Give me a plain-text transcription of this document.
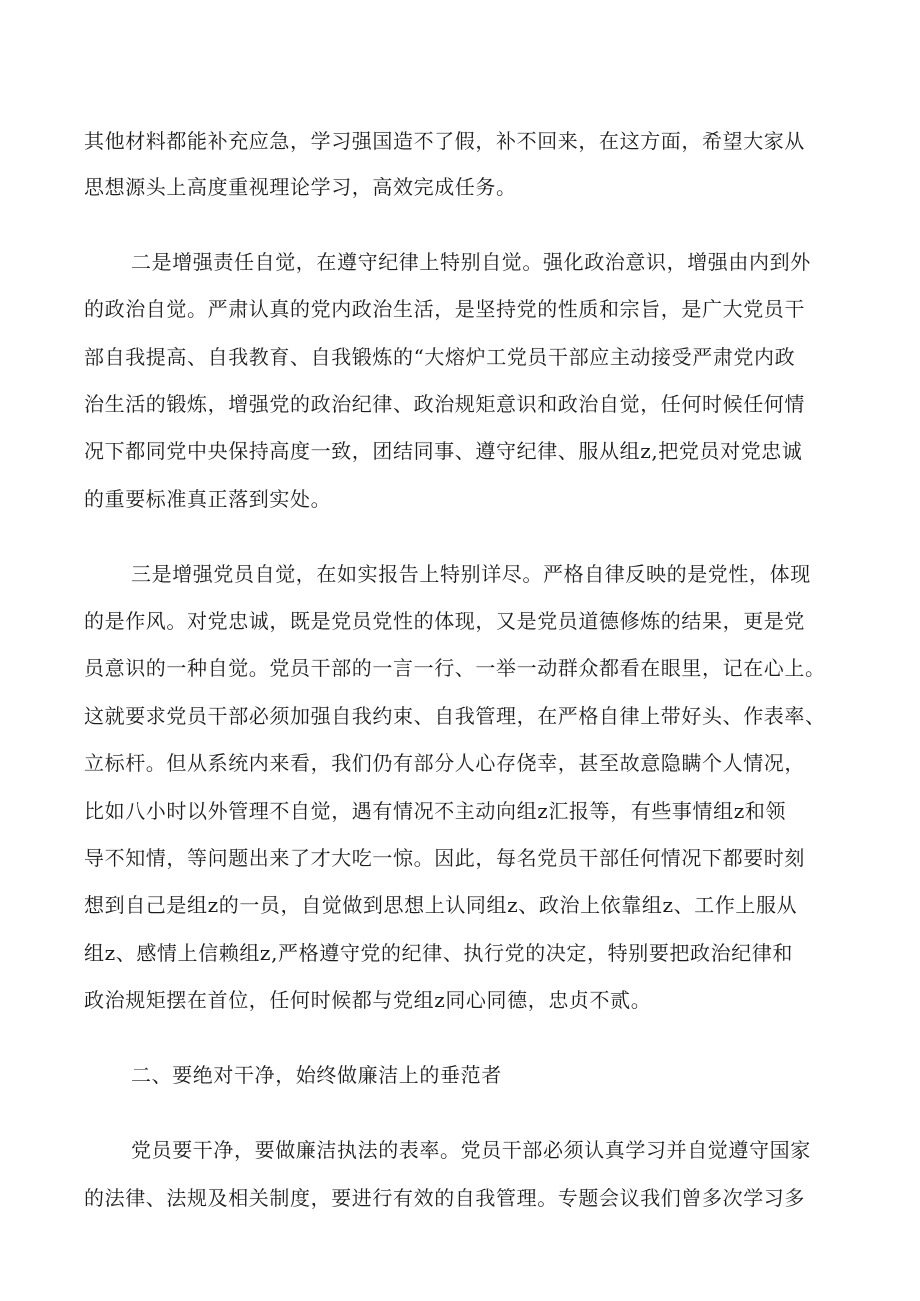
其他材料都能补充应急，学习强国造不了假，补不回来，在这方面，希望大家从
思想源头上高度重视理论学习，高效完成任务。
二是增强责任自觉，在遵守纪律上特别自觉。强化政治意识，增强由内到外
的政治自觉。严肃认真的党内政治生活，是坚持党的性质和宗旨，是广大党员干
部自我提高、自我教育、自我锻炼的“大熔炉工党员干部应主动接受严肃党内政
治生活的锻炼，增强党的政治纪律、政治规矩意识和政治自觉，任何时候任何情
况下都同党中央保持高度一致，团结同事、遵守纪律、服从组z,把党员对党忠诚
的重要标准真正落到实处。
三是增强党员自觉，在如实报告上特别详尽。严格自律反映的是党性，体现
的是作风。对党忠诚，既是党员党性的体现，又是党员道德修炼的结果，更是党
员意识的一种自觉。党员干部的一言一行、一举一动群众都看在眼里，记在心上。
这就要求党员干部必须加强自我约束、自我管理，在严格自律上带好头、作表率、
立标杆。但从系统内来看，我们仍有部分人心存侥幸，甚至故意隐瞒个人情况，
比如八小时以外管理不自觉，遇有情况不主动向组z汇报等，有些事情组z和领
导不知情，等问题出来了才大吃一惊。因此，每名党员干部任何情况下都要时刻
想到自己是组z的一员，自觉做到思想上认同组z、政治上依靠组z、工作上服从
组z、感情上信赖组z,严格遵守党的纪律、执行党的决定，特别要把政治纪律和
政治规矩摆在首位，任何时候都与党组z同心同德，忠贞不贰。
二、要绝对干净，始终做廉洁上的垂范者
党员要干净，要做廉洁执法的表率。党员干部必须认真学习并自觉遵守国家
的法律、法规及相关制度，要进行有效的自我管理。专题会议我们曾多次学习多
